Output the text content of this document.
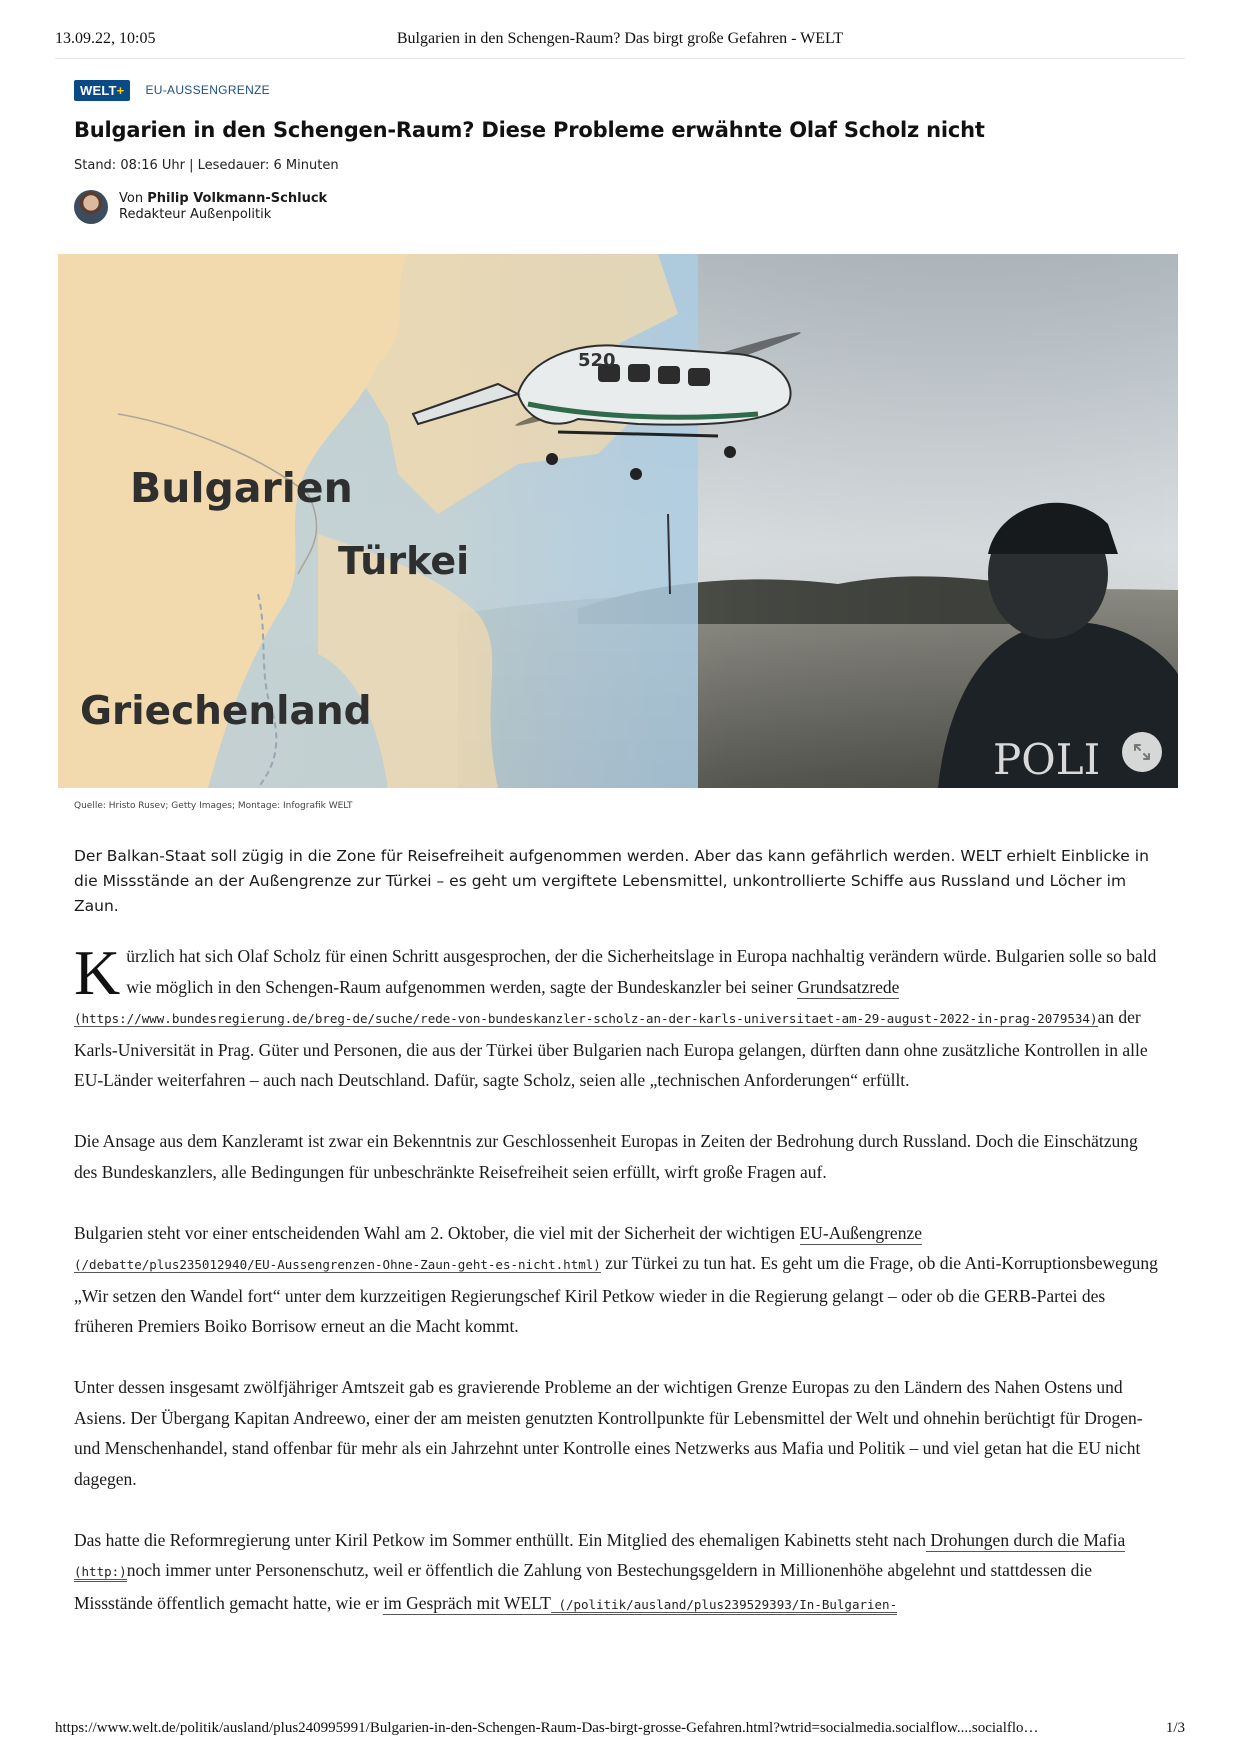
13.09.22, 10:05	Bulgarien in den Schengen-Raum? Das birgt große Gefahren - WELT
WELT+	EU-AUSSENGRENZE
Bulgarien in den Schengen-Raum? Diese Probleme erwähnte Olaf Scholz nicht
Stand: 08:16 Uhr | Lesedauer: 6 Minuten
Von Philip Volkmann-Schluck
Redakteur Außenpolitik
520
POLI
Bulgarien
Türkei
Griechenland
Quelle: Hristo Rusev; Getty Images; Montage: Infografik WELT
Der Balkan-Staat soll zügig in die Zone für Reisefreiheit aufgenommen werden. Aber das kann gefährlich werden. WELT erhielt Einblicke in die Missstände an der Außengrenze zur Türkei – es geht um vergiftete Lebensmittel, unkontrollierte Schiffe aus Russland und Löcher im Zaun.

Kürzlich hat sich Olaf Scholz für einen Schritt ausgesprochen, der die Sicherheitslage in Europa nachhaltig verändern würde. Bulgarien solle so bald wie möglich in den Schengen-Raum aufgenommen werden, sagte der Bundeskanzler bei seiner Grundsatzrede
(https://www.bundesregierung.de/breg-de/suche/rede-von-bundeskanzler-scholz-an-der-karls-universitaet-am-29-august-2022-in-prag-2079534)an der Karls-Universität in Prag. Güter und Personen, die aus der Türkei über Bulgarien nach Europa gelangen, dürften dann ohne zusätzliche Kontrollen in alle EU-Länder weiterfahren – auch nach Deutschland. Dafür, sagte Scholz, seien alle „technischen Anforderungen“ erfüllt.

Die Ansage aus dem Kanzleramt ist zwar ein Bekenntnis zur Geschlossenheit Europas in Zeiten der Bedrohung durch Russland. Doch die Einschätzung des Bundeskanzlers, alle Bedingungen für unbeschränkte Reisefreiheit seien erfüllt, wirft große Fragen auf.

Bulgarien steht vor einer entscheidenden Wahl am 2. Oktober, die viel mit der Sicherheit der wichtigen EU-Außengrenze
(/debatte/plus235012940/EU-Aussengrenzen-Ohne-Zaun-geht-es-nicht.html) zur Türkei zu tun hat. Es geht um die Frage, ob die Anti-Korruptionsbewegung „Wir setzen den Wandel fort“ unter dem kurzzeitigen Regierungschef Kiril Petkow wieder in die Regierung gelangt – oder ob die GERB-Partei des früheren Premiers Boiko Borrisow erneut an die Macht kommt.

Unter dessen insgesamt zwölfjähriger Amtszeit gab es gravierende Probleme an der wichtigen Grenze Europas zu den Ländern des Nahen Ostens und Asiens. Der Übergang Kapitan Andreewo, einer der am meisten genutzten Kontrollpunkte für Lebensmittel der Welt und ohnehin berüchtigt für Drogen- und Menschenhandel, stand offenbar für mehr als ein Jahrzehnt unter Kontrolle eines Netzwerks aus Mafia und Politik – und viel getan hat die EU nicht dagegen.

Das hatte die Reformregierung unter Kiril Petkow im Sommer enthüllt. Ein Mitglied des ehemaligen Kabinetts steht nach Drohungen durch die Mafia (http:)noch immer unter Personenschutz, weil er öffentlich die Zahlung von Bestechungsgeldern in Millionenhöhe abgelehnt und stattdessen die Missstände öffentlich gemacht hatte, wie er im Gespräch mit WELT (/politik/ausland/plus239529393/In-Bulgarien-

https://www.welt.de/politik/ausland/plus240995991/Bulgarien-in-den-Schengen-Raum-Das-birgt-grosse-Gefahren.html?wtrid=socialmedia.socialflow....socialflo…	1/3
